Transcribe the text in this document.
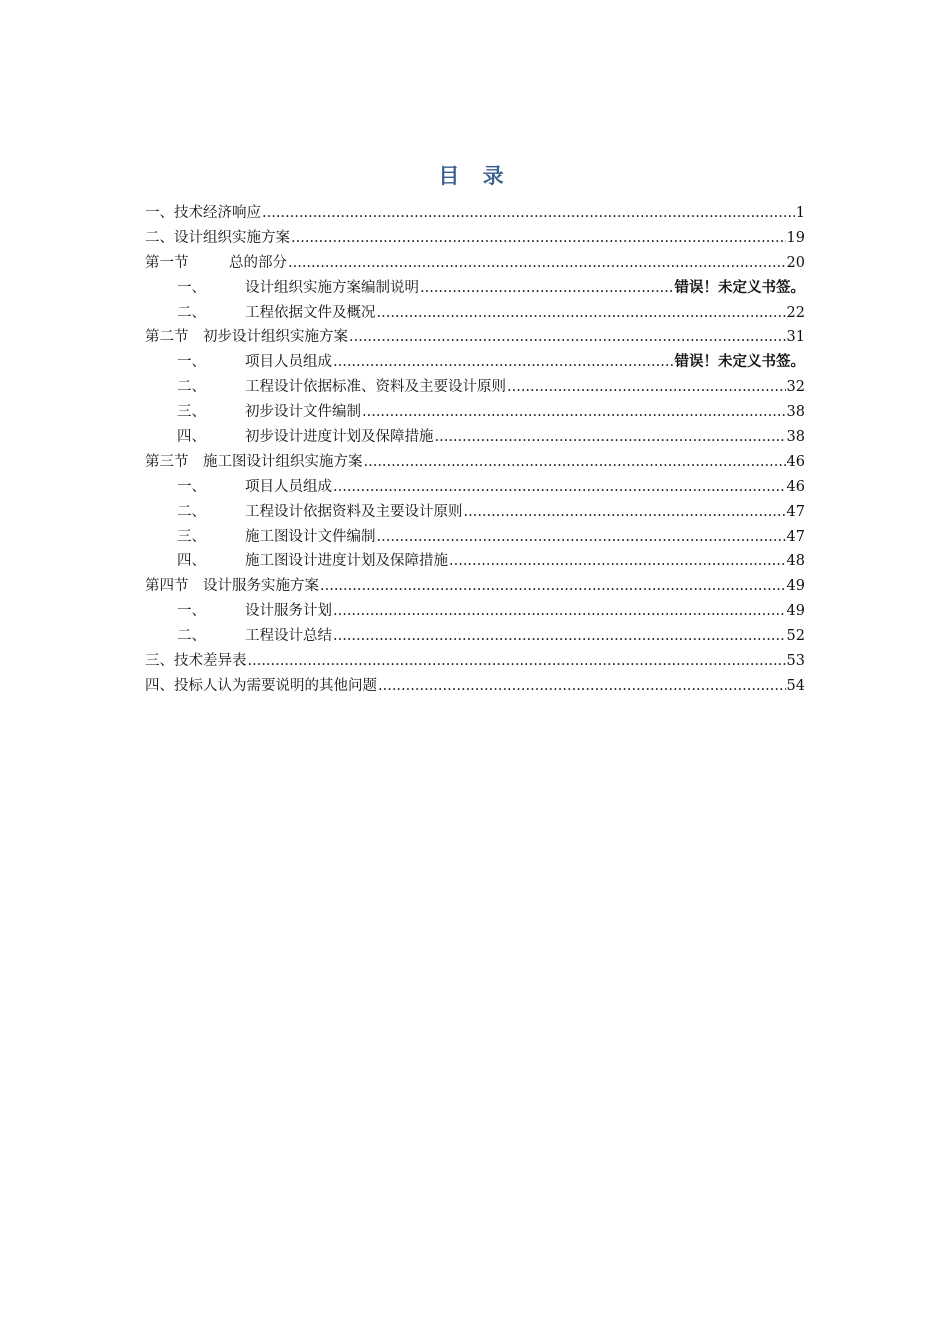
目 录
一、技术经济响应 .....	1
二、设计组织实施方案 .....	19
第一节	总的部分 .....	20
一、	设计组织实施方案编制说明 .....	错误！未定义书签。
二、	工程依据文件及概况 .....	22
第二节	初步设计组织实施方案 .....	31
一、	项目人员组成 .....	错误！未定义书签。
二、	工程设计依据标准、资料及主要设计原则 .....	32
三、	初步设计文件编制 .....	38
四、	初步设计进度计划及保障措施 .....	38
第三节	施工图设计组织实施方案 .....	46
一、	项目人员组成 .....	46
二、	工程设计依据资料及主要设计原则 .....	47
三、	施工图设计文件编制 .....	47
四、	施工图设计进度计划及保障措施 .....	48
第四节	设计服务实施方案 .....	49
一、	设计服务计划 .....	49
二、	工程设计总结 .....	52
三、技术差异表 .....	53
四、投标人认为需要说明的其他问题 .....	54
